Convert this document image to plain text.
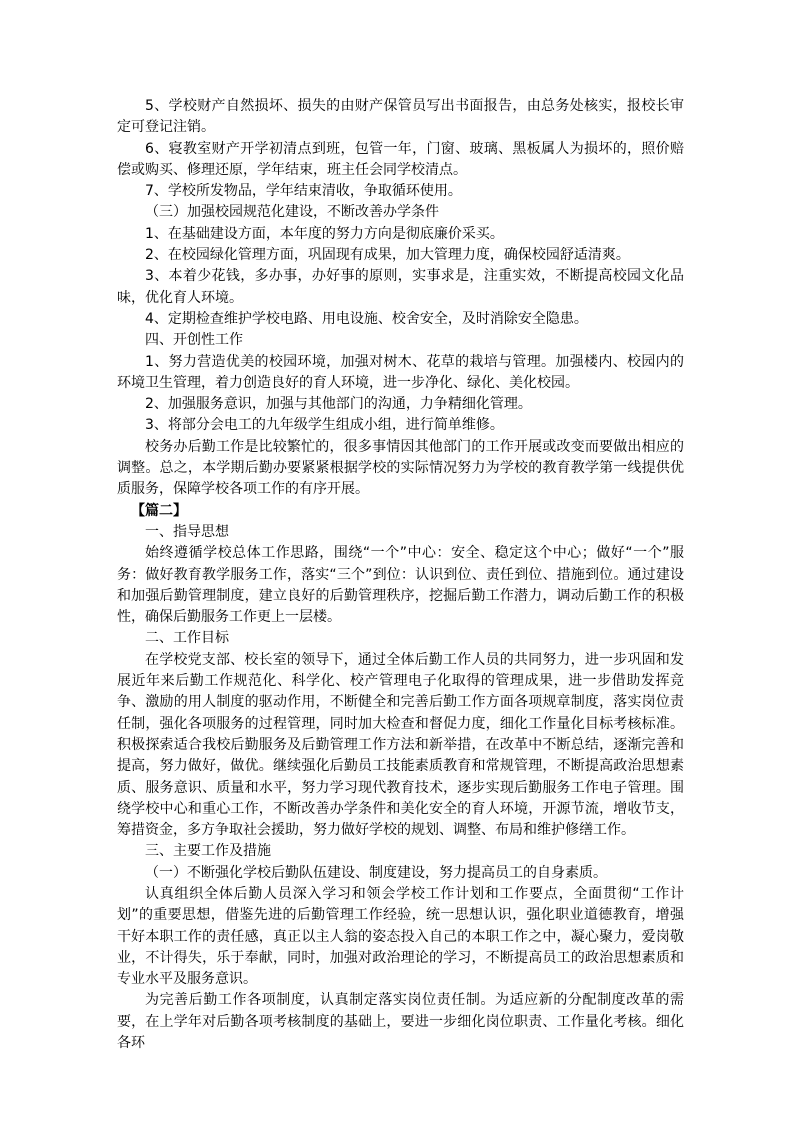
5、学校财产自然损坏、损失的由财产保管员写出书面报告，由总务处核实，报校长审定可登记注销。

6、寝教室财产开学初清点到班，包管一年，门窗、玻璃、黑板属人为损坏的，照价赔偿或购买、修理还原，学年结束，班主任会同学校清点。

7、学校所发物品，学年结束清收，争取循环使用。

（三）加强校园规范化建设，不断改善办学条件

1、在基础建设方面，本年度的努力方向是彻底廉价采买。

2、在校园绿化管理方面，巩固现有成果，加大管理力度，确保校园舒适清爽。

3、本着少花钱，多办事，办好事的原则，实事求是，注重实效，不断提高校园文化品味，优化育人环境。

4、定期检查维护学校电路、用电设施、校舍安全，及时消除安全隐患。

四、开创性工作

1、努力营造优美的校园环境，加强对树木、花草的栽培与管理。加强楼内、校园内的环境卫生管理，着力创造良好的育人环境，进一步净化、绿化、美化校园。

2、加强服务意识，加强与其他部门的沟通，力争精细化管理。

3、将部分会电工的九年级学生组成小组，进行简单维修。

校务办后勤工作是比较繁忙的，很多事情因其他部门的工作开展或改变而要做出相应的调整。总之，本学期后勤办要紧紧根据学校的实际情况努力为学校的教育教学第一线提供优质服务，保障学校各项工作的有序开展。

【篇二】

一、指导思想

始终遵循学校总体工作思路，围绕“一个”中心：安全、稳定这个中心；做好“一个”服务：做好教育教学服务工作，落实“三个”到位：认识到位、责任到位、措施到位。通过建设和加强后勤管理制度，建立良好的后勤管理秩序，挖掘后勤工作潜力，调动后勤工作的积极性，确保后勤服务工作更上一层楼。

二、工作目标

在学校党支部、校长室的领导下，通过全体后勤工作人员的共同努力，进一步巩固和发展近年来后勤工作规范化、科学化、校产管理电子化取得的管理成果，进一步借助发挥竞争、激励的用人制度的驱动作用，不断健全和完善后勤工作方面各项规章制度，落实岗位责任制，强化各项服务的过程管理，同时加大检查和督促力度，细化工作量化目标考核标准。积极探索适合我校后勤服务及后勤管理工作方法和新举措，在改革中不断总结，逐渐完善和提高，努力做好，做优。继续强化后勤员工技能素质教育和常规管理，不断提高政治思想素质、服务意识、质量和水平，努力学习现代教育技术，逐步实现后勤服务工作电子管理。围绕学校中心和重心工作，不断改善办学条件和美化安全的育人环境，开源节流，增收节支，筹措资金，多方争取社会援助，努力做好学校的规划、调整、布局和维护修缮工作。

三、主要工作及措施

（一）不断强化学校后勤队伍建设、制度建设，努力提高员工的自身素质。

认真组织全体后勤人员深入学习和领会学校工作计划和工作要点，全面贯彻“工作计划”的重要思想，借鉴先进的后勤管理工作经验，统一思想认识，强化职业道德教育，增强干好本职工作的责任感，真正以主人翁的姿态投入自己的本职工作之中，凝心聚力，爱岗敬业，不计得失，乐于奉献，同时，加强对政治理论的学习，不断提高员工的政治思想素质和专业水平及服务意识。

为完善后勤工作各项制度，认真制定落实岗位责任制。为适应新的分配制度改革的需要，在上学年对后勤各项考核制度的基础上，要进一步细化岗位职责、工作量化考核。细化各环
